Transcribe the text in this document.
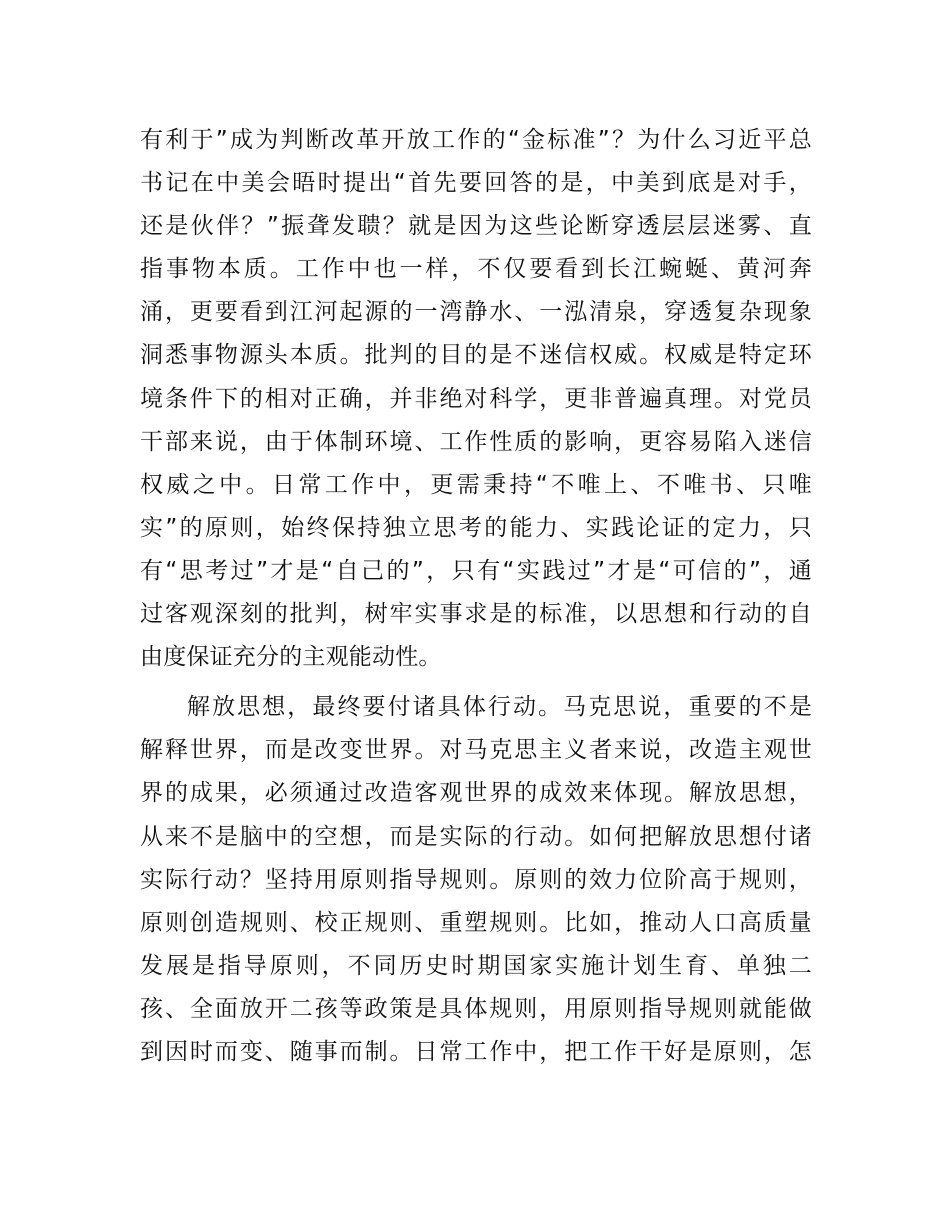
有利于”成为判断改革开放工作的“金标准”？为什么习近平总
书记在中美会晤时提出“首先要回答的是，中美到底是对手，
还是伙伴？”振聋发聩？就是因为这些论断穿透层层迷雾、直
指事物本质。工作中也一样，不仅要看到长江蜿蜒、黄河奔
涌，更要看到江河起源的一湾静水、一泓清泉，穿透复杂现象
洞悉事物源头本质。批判的目的是不迷信权威。权威是特定环
境条件下的相对正确，并非绝对科学，更非普遍真理。对党员
干部来说，由于体制环境、工作性质的影响，更容易陷入迷信
权威之中。日常工作中，更需秉持“不唯上、不唯书、只唯
实”的原则，始终保持独立思考的能力、实践论证的定力，只
有“思考过”才是“自己的”，只有“实践过”才是“可信的”，通
过客观深刻的批判，树牢实事求是的标准，以思想和行动的自
由度保证充分的主观能动性。
解放思想，最终要付诸具体行动。马克思说，重要的不是
解释世界，而是改变世界。对马克思主义者来说，改造主观世
界的成果，必须通过改造客观世界的成效来体现。解放思想，
从来不是脑中的空想，而是实际的行动。如何把解放思想付诸
实际行动？坚持用原则指导规则。原则的效力位阶高于规则，
原则创造规则、校正规则、重塑规则。比如，推动人口高质量
发展是指导原则，不同历史时期国家实施计划生育、单独二
孩、全面放开二孩等政策是具体规则，用原则指导规则就能做
到因时而变、随事而制。日常工作中，把工作干好是原则，怎
